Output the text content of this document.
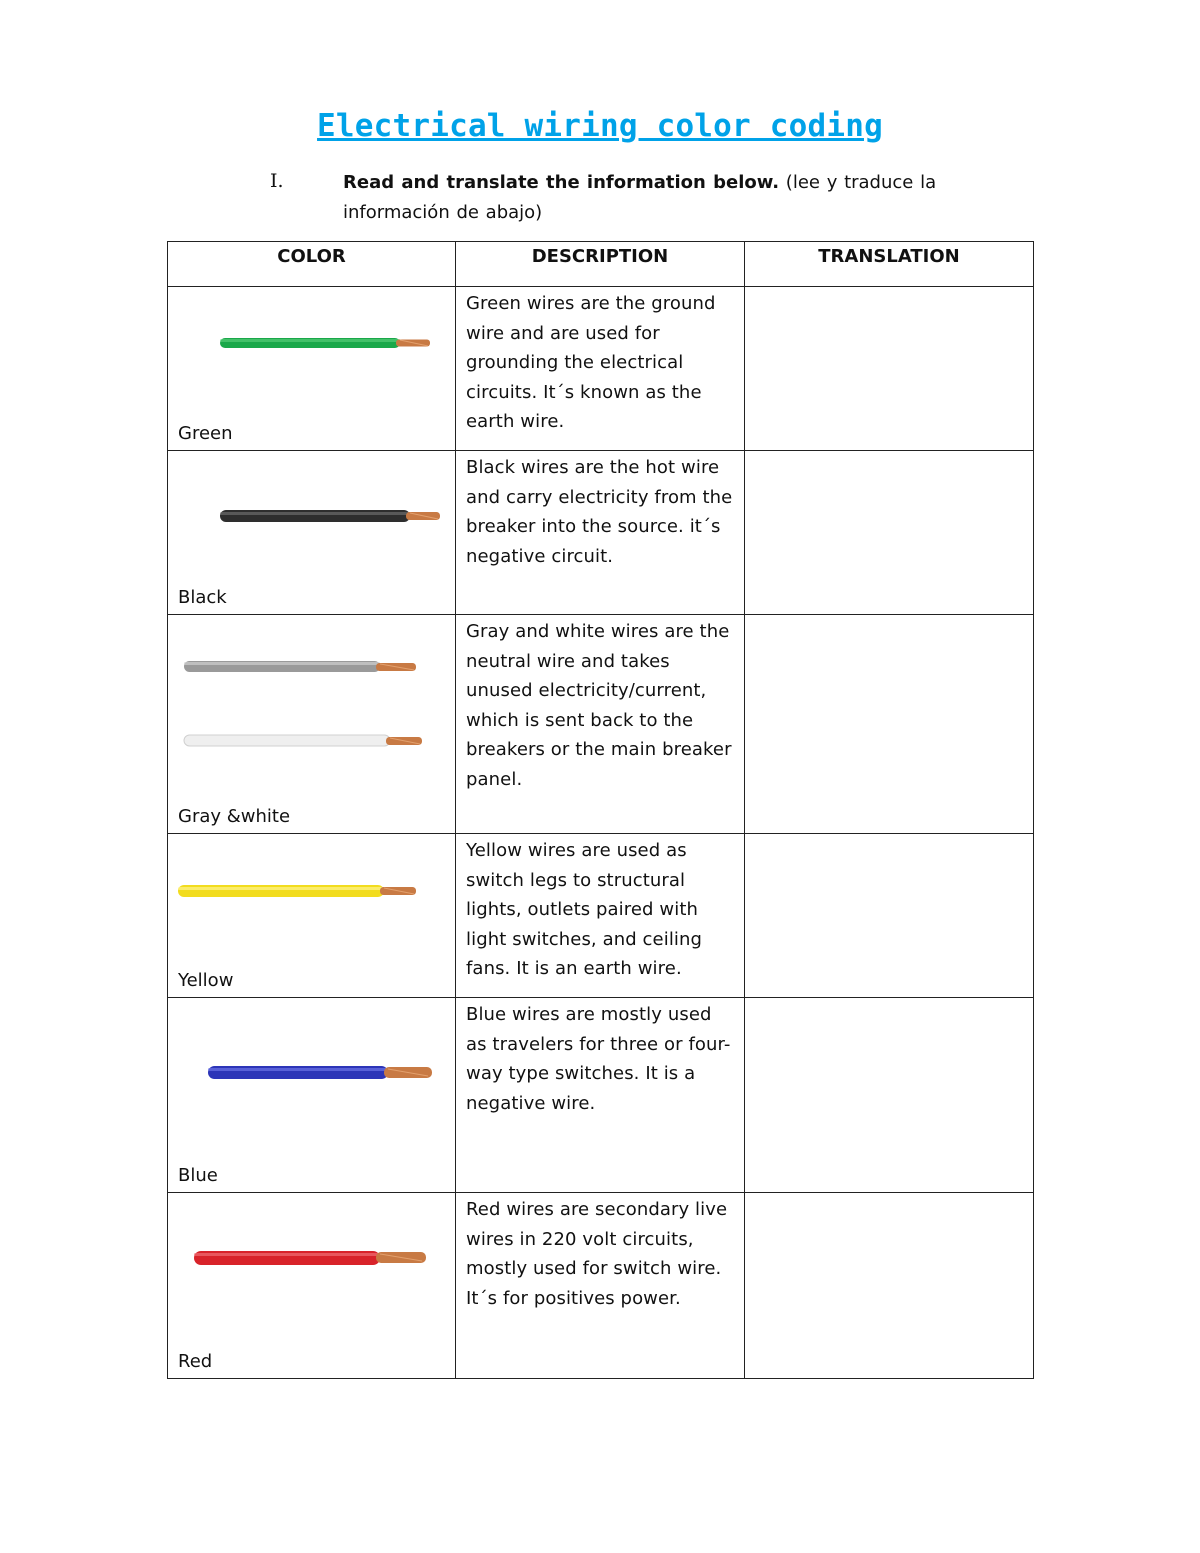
Electrical wiring color coding
I.	Read and translate the information below. (lee y traduce la información de abajo)
COLOR	DESCRIPTION	TRANSLATION

Green	Green wires are the ground wire and are used for grounding the electrical circuits. It´s known as the earth wire.	

Black	Black wires are the hot wire and carry electricity from the breaker into the source. it´s negative circuit.	

Gray &white	Gray and white wires are the neutral wire and takes unused electricity/current, which is sent back to the breakers or the main breaker panel.	

Yellow	Yellow wires are used as switch legs to structural lights, outlets paired with light switches, and ceiling fans. It is an earth wire.	

Blue	Blue wires are mostly used as travelers for three or four-way type switches. It is a negative wire.	

Red	Red wires are secondary live wires in 220 volt circuits, mostly used for switch wire. It´s for positives power.	
